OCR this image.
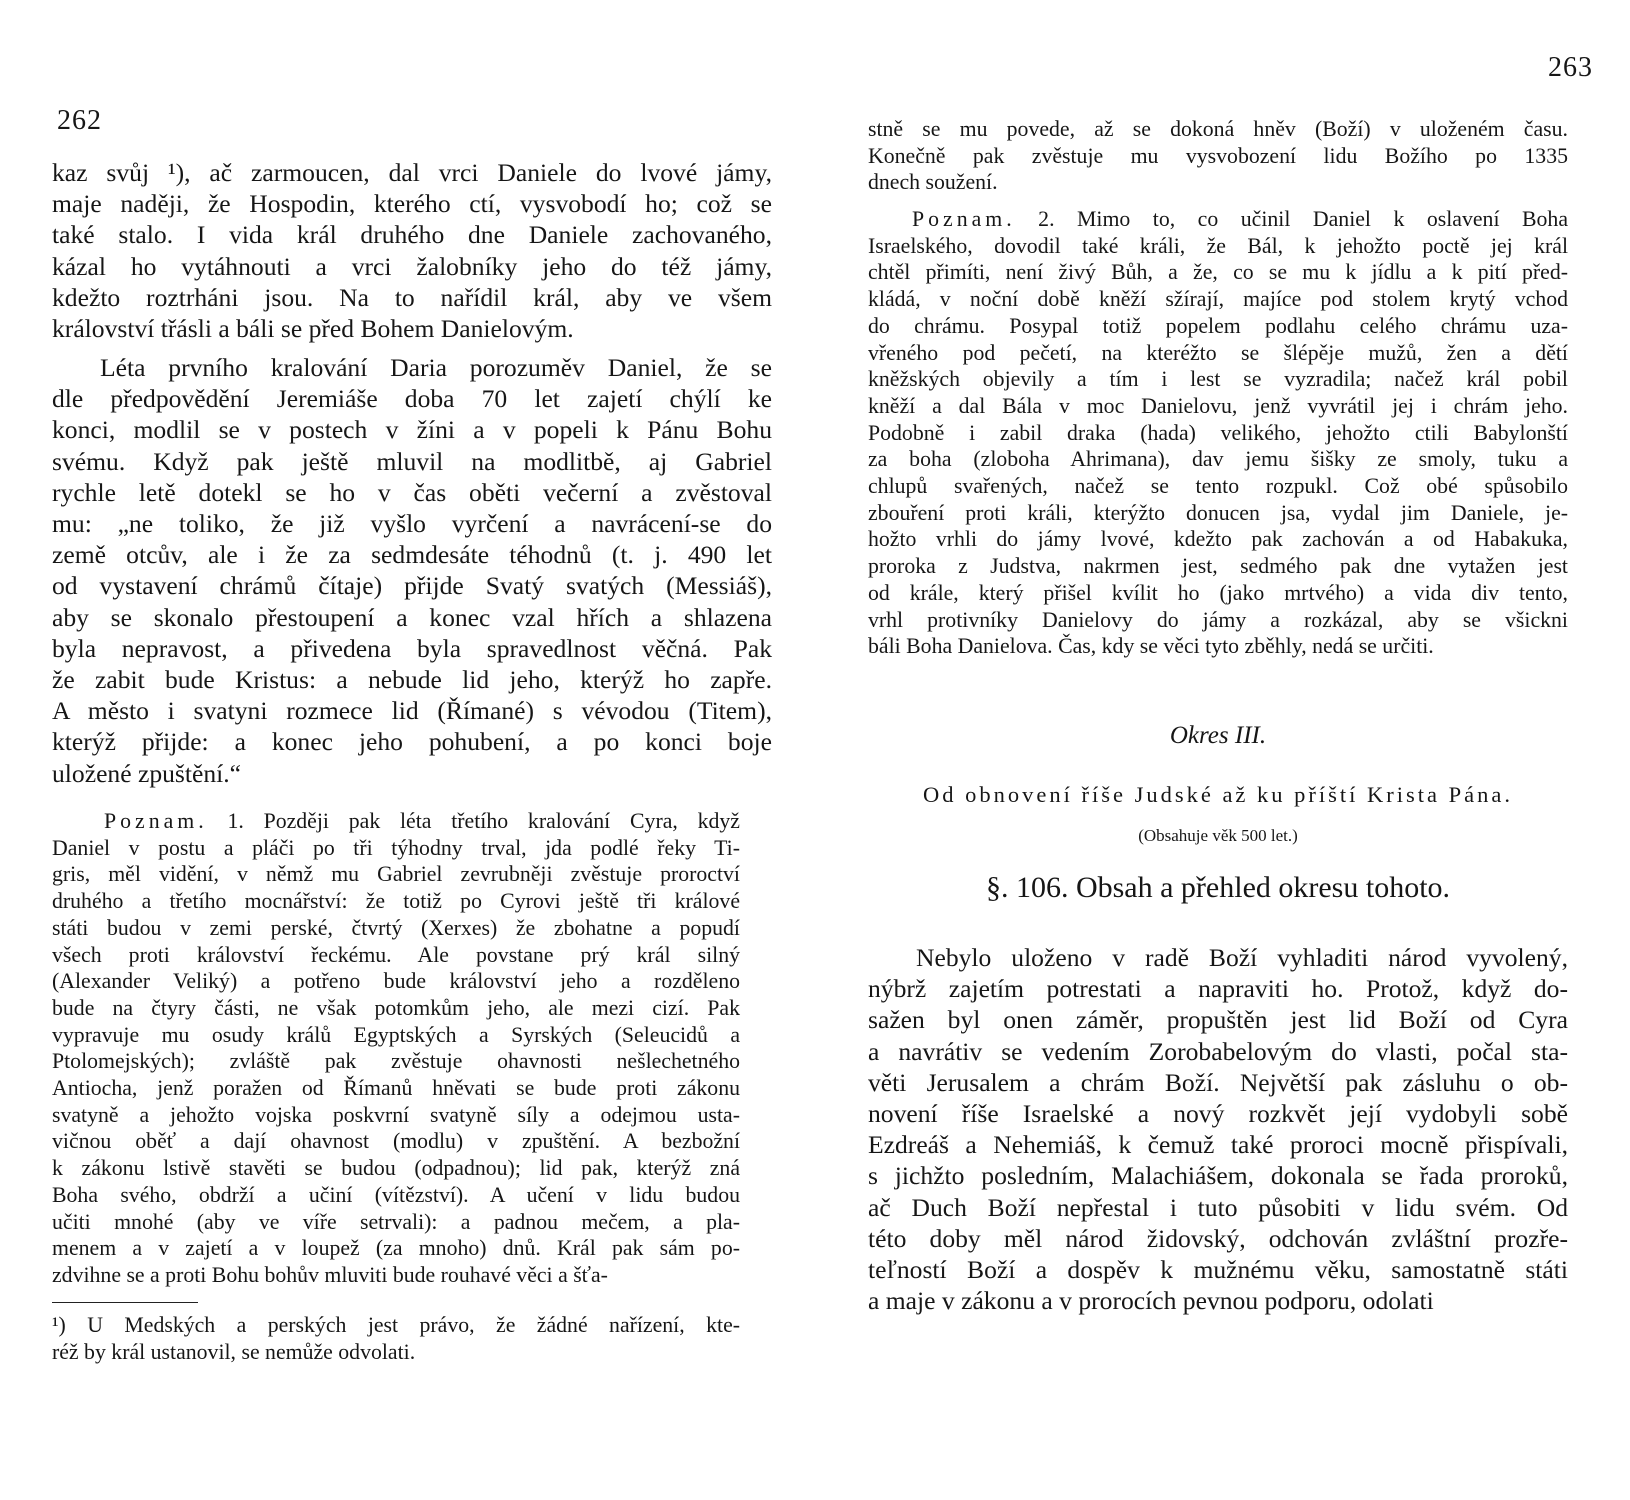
262

kaz svůj ¹), ač zarmoucen, dal vrci Daniele do lvové jámy,
maje naději, že Hospodin, kterého ctí, vysvobodí ho; což se
také stalo. I vida král druhého dne Daniele zachovaného,
kázal ho vytáhnouti a vrci žalobníky jeho do též jámy,
kdežto roztrháni jsou. Na to nařídil král, aby ve všem
království třásli a báli se před Bohem Danielovým.

Léta prvního kralování Daria porozuměv Daniel, že se
dle předpovědění Jeremiáše doba 70 let zajetí chýlí ke
konci, modlil se v postech v žíni a v popeli k Pánu Bohu
svému. Když pak ještě mluvil na modlitbě, aj Gabriel
rychle letě dotekl se ho v čas oběti večerní a zvěstoval
mu: „ne toliko, že již vyšlo vyrčení a navrácení-se do
země otcův, ale i že za sedmdesáte téhodnů (t. j. 490 let
od vystavení chrámů čítaje) přijde Svatý svatých (Messiáš),
aby se skonalo přestoupení a konec vzal hřích a shlazena
byla nepravost, a přivedena byla spravedlnost věčná. Pak
že zabit bude Kristus: a nebude lid jeho, kterýž ho zapře.
A město i svatyni rozmece lid (Římané) s vévodou (Titem),
kterýž přijde: a konec jeho pohubení, a po konci boje
uložené zpuštění.“

Poznam. 1. Později pak léta třetího kralování Cyra, když
Daniel v postu a pláči po tři týhodny trval, jda podlé řeky Ti-
gris, měl vidění, v němž mu Gabriel zevrubněji zvěstuje proroctví
druhého a třetího mocnářství: že totiž po Cyrovi ještě tři králové
státi budou v zemi perské, čtvrtý (Xerxes) že zbohatne a popudí
všech proti království řeckému. Ale povstane prý král silný
(Alexander Veliký) a potřeno bude království jeho a rozděleno
bude na čtyry části, ne však potomkům jeho, ale mezi cizí. Pak
vypravuje mu osudy králů Egyptských a Syrských (Seleucidů a
Ptolomejských); zvláště pak zvěstuje ohavnosti nešlechetného
Antiocha, jenž poražen od Římanů hněvati se bude proti zákonu
svatyně a jehožto vojska poskvrní svatyně síly a odejmou usta-
vičnou oběť a dají ohavnost (modlu) v zpuštění. A bezbožní
k zákonu lstivě stavěti se budou (odpadnou); lid pak, kterýž zná
Boha svého, obdrží a učiní (vítězství). A učení v lidu budou
učiti mnohé (aby ve víře setrvali): a padnou mečem, a pla-
menem a v zajetí a v loupež (za mnoho) dnů. Král pak sám po-
zdvihne se a proti Bohu bohův mluviti bude rouhavé věci a šťa-

¹) U Medských a perských jest právo, že žádné nařízení, kte-
réž by král ustanovil, se nemůže odvolati.

263

stně se mu povede, až se dokoná hněv (Boží) v uloženém času.
Konečně pak zvěstuje mu vysvobození lidu Božího po 1335
dnech soužení.

Poznam. 2. Mimo to, co učinil Daniel k oslavení Boha
Israelského, dovodil také králi, že Bál, k jehožto poctě jej král
chtěl přimíti, není živý Bůh, a že, co se mu k jídlu a k pití před-
kládá, v noční době kněží sžírají, majíce pod stolem krytý vchod
do chrámu. Posypal totiž popelem podlahu celého chrámu uza-
vřeného pod pečetí, na kteréžto se šlépěje mužů, žen a dětí
kněžských objevily a tím i lest se vyzradila; načež král pobil
kněží a dal Bála v moc Danielovu, jenž vyvrátil jej i chrám jeho.
Podobně i zabil draka (hada) velikého, jehožto ctili Babylonští
za boha (zloboha Ahrimana), dav jemu šišky ze smoly, tuku a
chlupů svařených, načež se tento rozpukl. Což obé spůsobilo
zbouření proti králi, kterýžto donucen jsa, vydal jim Daniele, je-
hožto vrhli do jámy lvové, kdežto pak zachován a od Habakuka,
proroka z Judstva, nakrmen jest, sedmého pak dne vytažen jest
od krále, který přišel kvílit ho (jako mrtvého) a vida div tento,
vrhl protivníky Danielovy do jámy a rozkázal, aby se všickni
báli Boha Danielova. Čas, kdy se věci tyto zběhly, nedá se určiti.

Okres III.
Od obnovení říše Judské až ku příští Krista Pána.
(Obsahuje věk 500 let.)
§. 106. Obsah a přehled okresu tohoto.

Nebylo uloženo v radě Boží vyhladiti národ vyvolený,
nýbrž zajetím potrestati a napraviti ho. Protož, když do-
sažen byl onen záměr, propuštěn jest lid Boží od Cyra
a navrátiv se vedením Zorobabelovým do vlasti, počal sta-
věti Jerusalem a chrám Boží. Největší pak zásluhu o ob-
novení říše Israelské a nový rozkvět její vydobyli sobě
Ezdreáš a Nehemiáš, k čemuž také proroci mocně přispívali,
s jichžto posledním, Malachiášem, dokonala se řada proroků,
ač Duch Boží nepřestal i tuto působiti v lidu svém. Od
této doby měl národ židovský, odchován zvláštní prozře-
teľností Boží a dospěv k mužnému věku, samostatně státi
a maje v zákonu a v prorocích pevnou podporu, odolati
